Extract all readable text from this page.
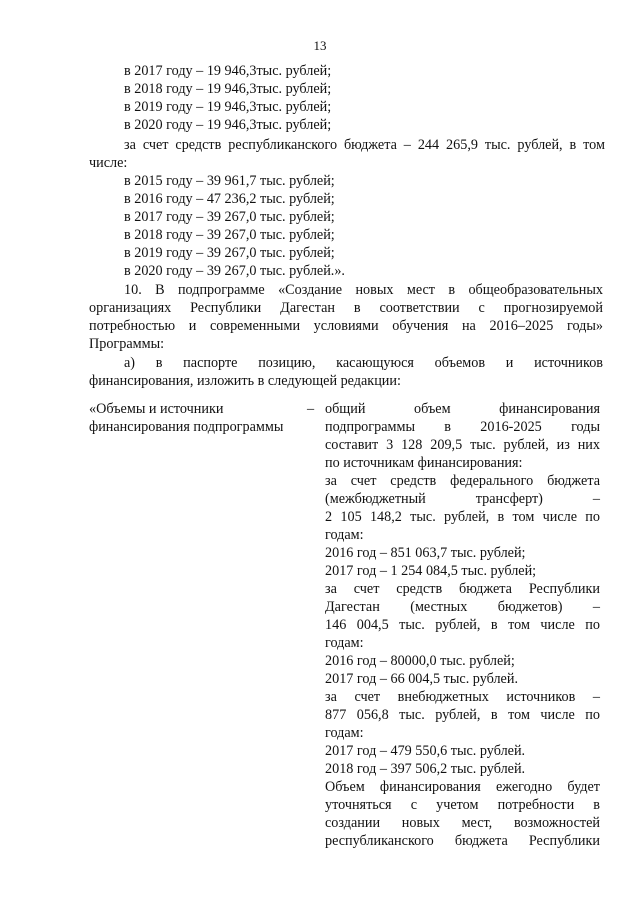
13
в 2017 году – 19 946,3тыс. рублей;
в 2018 году – 19 946,3тыс. рублей;
в 2019 году – 19 946,3тыс. рублей;
в 2020 году – 19 946,3тыс. рублей;
за счет средств республиканского бюджета – 244 265,9 тыс. рублей, в том
числе:
в 2015 году – 39 961,7 тыс. рублей;
в 2016 году – 47 236,2 тыс. рублей;
в 2017 году – 39 267,0 тыс. рублей;
в 2018 году – 39 267,0 тыс. рублей;
в 2019 году – 39 267,0 тыс. рублей;
в 2020 году – 39 267,0 тыс. рублей.».
10. В подпрограмме «Создание новых мест в общеобразовательных
организациях Республики Дагестан в соответствии с прогнозируемой
потребностью и современными условиями обучения на 2016–2025 годы»
Программы:
а) в паспорте позицию, касающуюся объемов и источников
финансирования, изложить в следующей редакции:
«Объемы и источники
финансирования подпрограммы
– общий объем финансирования
подпрограммы в 2016-2025 годы
составит 3 128 209,5 тыс. рублей, из них
по источникам финансирования:
за счет средств федерального бюджета
(межбюджетный трансферт) –
2 105 148,2 тыс. рублей, в том числе по
годам:
2016 год – 851 063,7 тыс. рублей;
2017 год – 1 254 084,5 тыс. рублей;
за счет средств бюджета Республики
Дагестан (местных бюджетов) –
146 004,5 тыс. рублей, в том числе по
годам:
2016 год – 80000,0 тыс. рублей;
2017 год – 66 004,5 тыс. рублей.
за счет внебюджетных источников –
877 056,8 тыс. рублей, в том числе по
годам:
2017 год – 479 550,6 тыс. рублей.
2018 год – 397 506,2 тыс. рублей.
Объем финансирования ежегодно будет
уточняться с учетом потребности в
создании новых мест, возможностей
республиканского бюджета Республики
